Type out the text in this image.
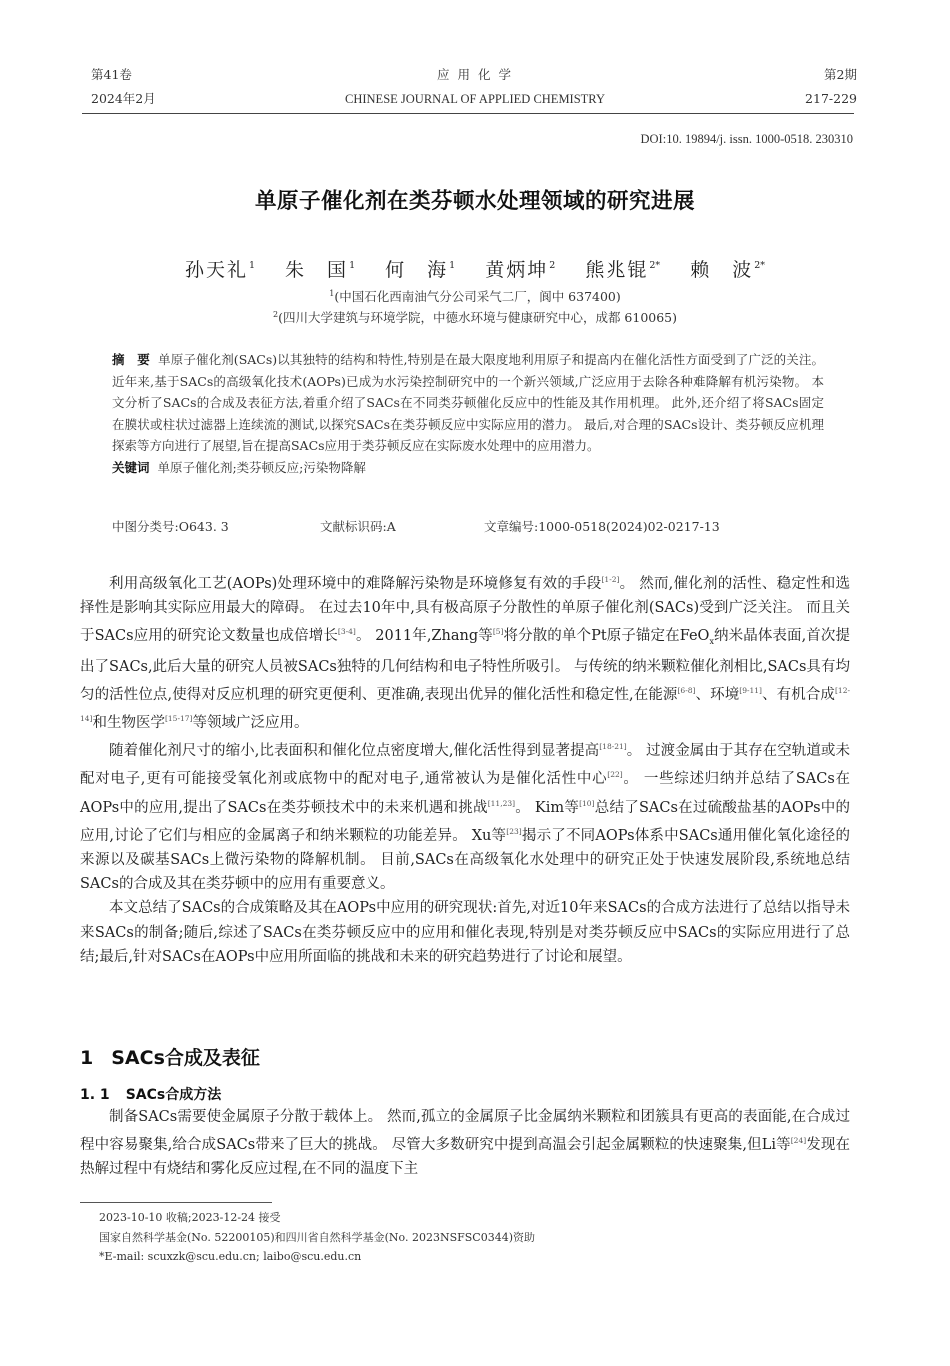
第41卷
2024年2月
应 用 化 学
CHINESE JOURNAL OF APPLIED CHEMISTRY
第2期
217-229
DOI:10. 19894/j. issn. 1000-0518. 230310
单原子催化剂在类芬顿水处理领域的研究进展
孙天礼$^1$ 朱　国$^1$ 何　海$^1$ 黄炳坤$^2$ 熊兆锟$^{2*}$ 赖　波$^{2*}$
$^1$(中国石化西南油气分公司采气二厂，阆中 637400)
$^2$(四川大学建筑与环境学院，中德水环境与健康研究中心，成都 610065)
摘　要 单原子催化剂(SACs)以其独特的结构和特性,特别是在最大限度地利用原子和提高内在催化活性方面受到了广泛的关注。 近年来,基于SACs的高级氧化技术(AOPs)已成为水污染控制研究中的一个新兴领域,广泛应用于去除各种难降解有机污染物。 本文分析了SACs的合成及表征方法,着重介绍了SACs在不同类芬顿催化反应中的性能及其作用机理。 此外,还介绍了将SACs固定在膜状或柱状过滤器上连续流的测试,以探究SACs在类芬顿反应中实际应用的潜力。 最后,对合理的SACs设计、类芬顿反应机理探索等方向进行了展望,旨在提高SACs应用于类芬顿反应在实际废水处理中的应用潜力。
关键词 单原子催化剂;类芬顿反应;污染物降解
中图分类号:O643. 3	文献标识码:A	文章编号:1000-0518(2024)02-0217-13

利用高级氧化工艺(AOPs)处理环境中的难降解污染物是环境修复有效的手段[1-2]。 然而,催化剂的活性、稳定性和选择性是影响其实际应用最大的障碍。 在过去10年中,具有极高原子分散性的单原子催化剂(SACs)受到广泛关注。 而且关于SACs应用的研究论文数量也成倍增长[3-4]。 2011年,Zhang等[5]将分散的单个Pt原子锚定在FeO$_x$纳米晶体表面,首次提出了SACs,此后大量的研究人员被SACs独特的几何结构和电子特性所吸引。 与传统的纳米颗粒催化剂相比,SACs具有均匀的活性位点,使得对反应机理的研究更便利、更准确,表现出优异的催化活性和稳定性,在能源[6-8]、环境[9-11]、有机合成[12-14]和生物医学[15-17]等领域广泛应用。

随着催化剂尺寸的缩小,比表面积和催化位点密度增大,催化活性得到显著提高[18-21]。 过渡金属由于其存在空轨道或未配对电子,更有可能接受氧化剂或底物中的配对电子,通常被认为是催化活性中心[22]。 一些综述归纳并总结了SACs在AOPs中的应用,提出了SACs在类芬顿技术中的未来机遇和挑战[11,23]。 Kim等[10]总结了SACs在过硫酸盐基的AOPs中的应用,讨论了它们与相应的金属离子和纳米颗粒的功能差异。 Xu等[23]揭示了不同AOPs体系中SACs通用催化氧化途径的来源以及碳基SACs上微污染物的降解机制。 目前,SACs在高级氧化水处理中的研究正处于快速发展阶段,系统地总结SACs的合成及其在类芬顿中的应用有重要意义。

本文总结了SACs的合成策略及其在AOPs中应用的研究现状:首先,对近10年来SACs的合成方法进行了总结以指导未来SACs的制备;随后,综述了SACs在类芬顿反应中的应用和催化表现,特别是对类芬顿反应中SACs的实际应用进行了总结;最后,针对SACs在AOPs中应用所面临的挑战和未来的研究趋势进行了讨论和展望。

1 SACs合成及表征
1. 1 SACs合成方法

制备SACs需要使金属原子分散于载体上。 然而,孤立的金属原子比金属纳米颗粒和团簇具有更高的表面能,在合成过程中容易聚集,给合成SACs带来了巨大的挑战。 尽管大多数研究中提到高温会引起金属颗粒的快速聚集,但Li等[24]发现在热解过程中有烧结和雾化反应过程,在不同的温度下主

2023-10-10 收稿;2023-12-24 接受
国家自然科学基金(No. 52200105)和四川省自然科学基金(No. 2023NSFSC0344)资助
*E-mail: scuxzk@scu.edu.cn; laibo@scu.edu.cn
